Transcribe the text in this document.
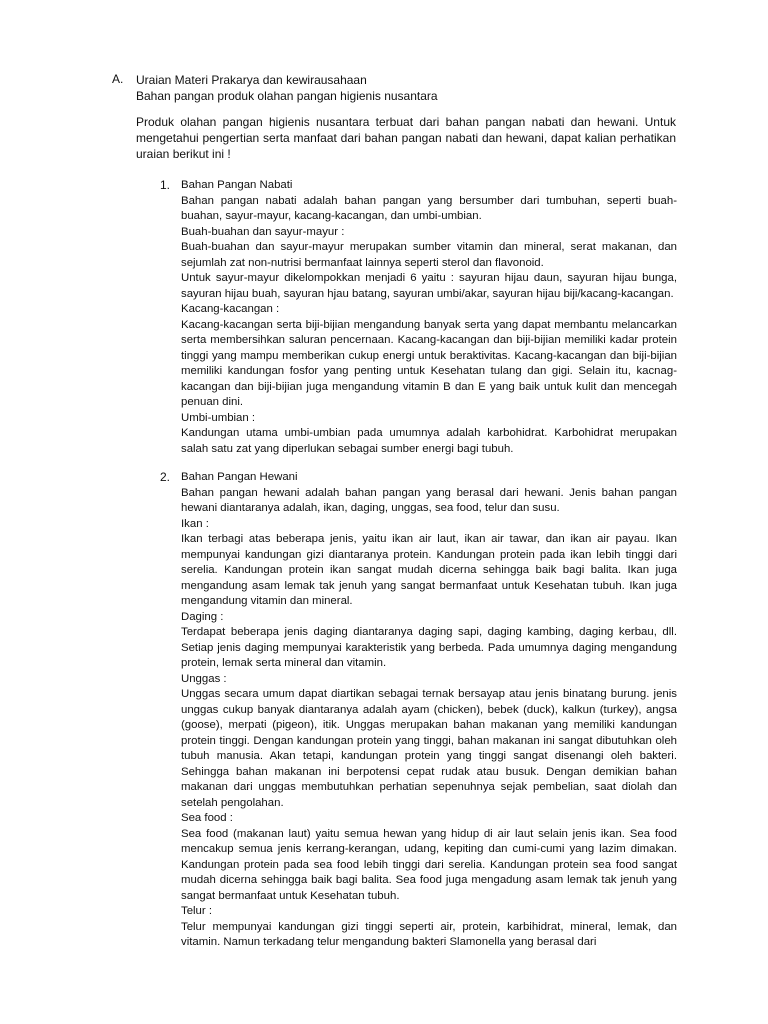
A. Uraian Materi Prakarya dan kewirausahaan
Bahan pangan produk olahan pangan higienis nusantara
Produk olahan pangan higienis nusantara terbuat dari bahan pangan nabati dan hewani. Untuk mengetahui pengertian serta manfaat dari bahan pangan nabati dan hewani, dapat kalian perhatikan uraian berikut ini !
1. Bahan Pangan Nabati

Bahan pangan nabati adalah bahan pangan yang bersumber dari tumbuhan, seperti buah-buahan, sayur-mayur, kacang-kacangan, dan umbi-umbian.

Buah-buahan dan sayur-mayur :

Buah-buahan dan sayur-mayur merupakan sumber vitamin dan mineral, serat makanan, dan sejumlah zat non-nutrisi bermanfaat lainnya seperti sterol dan flavonoid.

Untuk sayur-mayur dikelompokkan menjadi 6 yaitu : sayuran hijau daun, sayuran hijau bunga, sayuran hijau buah, sayuran hjau batang, sayuran umbi/akar, sayuran hijau biji/kacang-kacangan.

Kacang-kacangan :

Kacang-kacangan serta biji-bijian mengandung banyak serta yang dapat membantu melancarkan serta membersihkan saluran pencernaan. Kacang-kacangan dan biji-bijian memiliki kadar protein tinggi yang mampu memberikan cukup energi untuk beraktivitas. Kacang-kacangan dan biji-bijian memiliki kandungan fosfor yang penting untuk Kesehatan tulang dan gigi. Selain itu, kacnag-kacangan dan biji-bijian juga mengandung vitamin B dan E yang baik untuk kulit dan mencegah penuan dini.

Umbi-umbian :

Kandungan utama umbi-umbian pada umumnya adalah karbohidrat. Karbohidrat merupakan salah satu zat yang diperlukan sebagai sumber energi bagi tubuh.

2. Bahan Pangan Hewani

Bahan pangan hewani adalah bahan pangan yang berasal dari hewani. Jenis bahan pangan hewani diantaranya adalah, ikan, daging, unggas, sea food, telur dan susu.

Ikan :

Ikan terbagi atas beberapa jenis, yaitu ikan air laut, ikan air tawar, dan ikan air payau. Ikan mempunyai kandungan gizi diantaranya protein. Kandungan protein pada ikan lebih tinggi dari serelia. Kandungan protein ikan sangat mudah dicerna sehingga baik bagi balita. Ikan juga mengandung asam lemak tak jenuh yang sangat bermanfaat untuk Kesehatan tubuh. Ikan juga mengandung vitamin dan mineral.

Daging :

Terdapat beberapa jenis daging diantaranya daging sapi, daging kambing, daging kerbau, dll. Setiap jenis daging mempunyai karakteristik yang berbeda. Pada umumnya daging mengandung protein, lemak serta mineral dan vitamin.

Unggas :

Unggas secara umum dapat diartikan sebagai ternak bersayap atau jenis binatang burung. jenis unggas cukup banyak diantaranya adalah ayam (chicken), bebek (duck), kalkun (turkey), angsa (goose), merpati (pigeon), itik. Unggas merupakan bahan makanan yang memiliki kandungan protein tinggi. Dengan kandungan protein yang tinggi, bahan makanan ini sangat dibutuhkan oleh tubuh manusia. Akan tetapi, kandungan protein yang tinggi sangat disenangi oleh bakteri. Sehingga bahan makanan ini berpotensi cepat rudak atau busuk. Dengan demikian bahan makanan dari unggas membutuhkan perhatian sepenuhnya sejak pembelian, saat diolah dan setelah pengolahan.

Sea food :

Sea food (makanan laut) yaitu semua hewan yang hidup di air laut selain jenis ikan. Sea food mencakup semua jenis kerrang-kerangan, udang, kepiting dan cumi-cumi yang lazim dimakan. Kandungan protein pada sea food lebih tinggi dari serelia. Kandungan protein sea food sangat mudah dicerna sehingga baik bagi balita. Sea food juga mengadung asam lemak tak jenuh yang sangat bermanfaat untuk Kesehatan tubuh.

Telur :

Telur mempunyai kandungan gizi tinggi seperti air, protein, karbihidrat, mineral, lemak, dan vitamin. Namun terkadang telur mengandung bakteri Slamonella yang berasal dari
